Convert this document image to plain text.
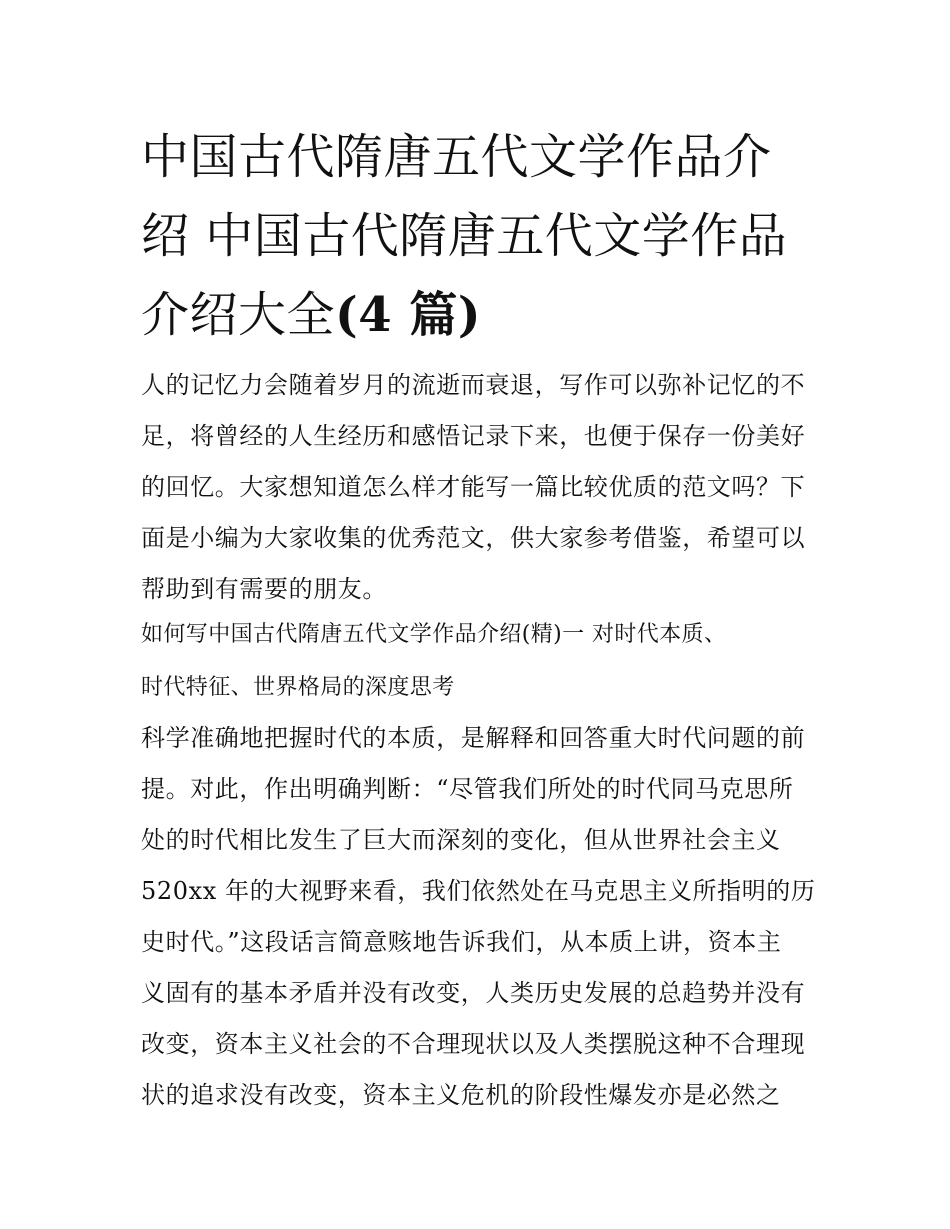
中国古代隋唐五代文学作品介
绍 中国古代隋唐五代文学作品
介绍大全(4 篇)

人的记忆力会随着岁月的流逝而衰退，写作可以弥补记忆的不
足，将曾经的人生经历和感悟记录下来，也便于保存一份美好
的回忆。大家想知道怎么样才能写一篇比较优质的范文吗？下
面是小编为大家收集的优秀范文，供大家参考借鉴，希望可以
帮助到有需要的朋友。

如何写中国古代隋唐五代文学作品介绍(精)一 对时代本质、
时代特征、世界格局的深度思考

科学准确地把握时代的本质，是解释和回答重大时代问题的前
提。对此，作出明确判断：“尽管我们所处的时代同马克思所
处的时代相比发生了巨大而深刻的变化，但从世界社会主义
520xx 年的大视野来看，我们依然处在马克思主义所指明的历
史时代。”这段话言简意赅地告诉我们，从本质上讲，资本主
义固有的基本矛盾并没有改变，人类历史发展的总趋势并没有
改变，资本主义社会的不合理现状以及人类摆脱这种不合理现
状的追求没有改变，资本主义危机的阶段性爆发亦是必然之
